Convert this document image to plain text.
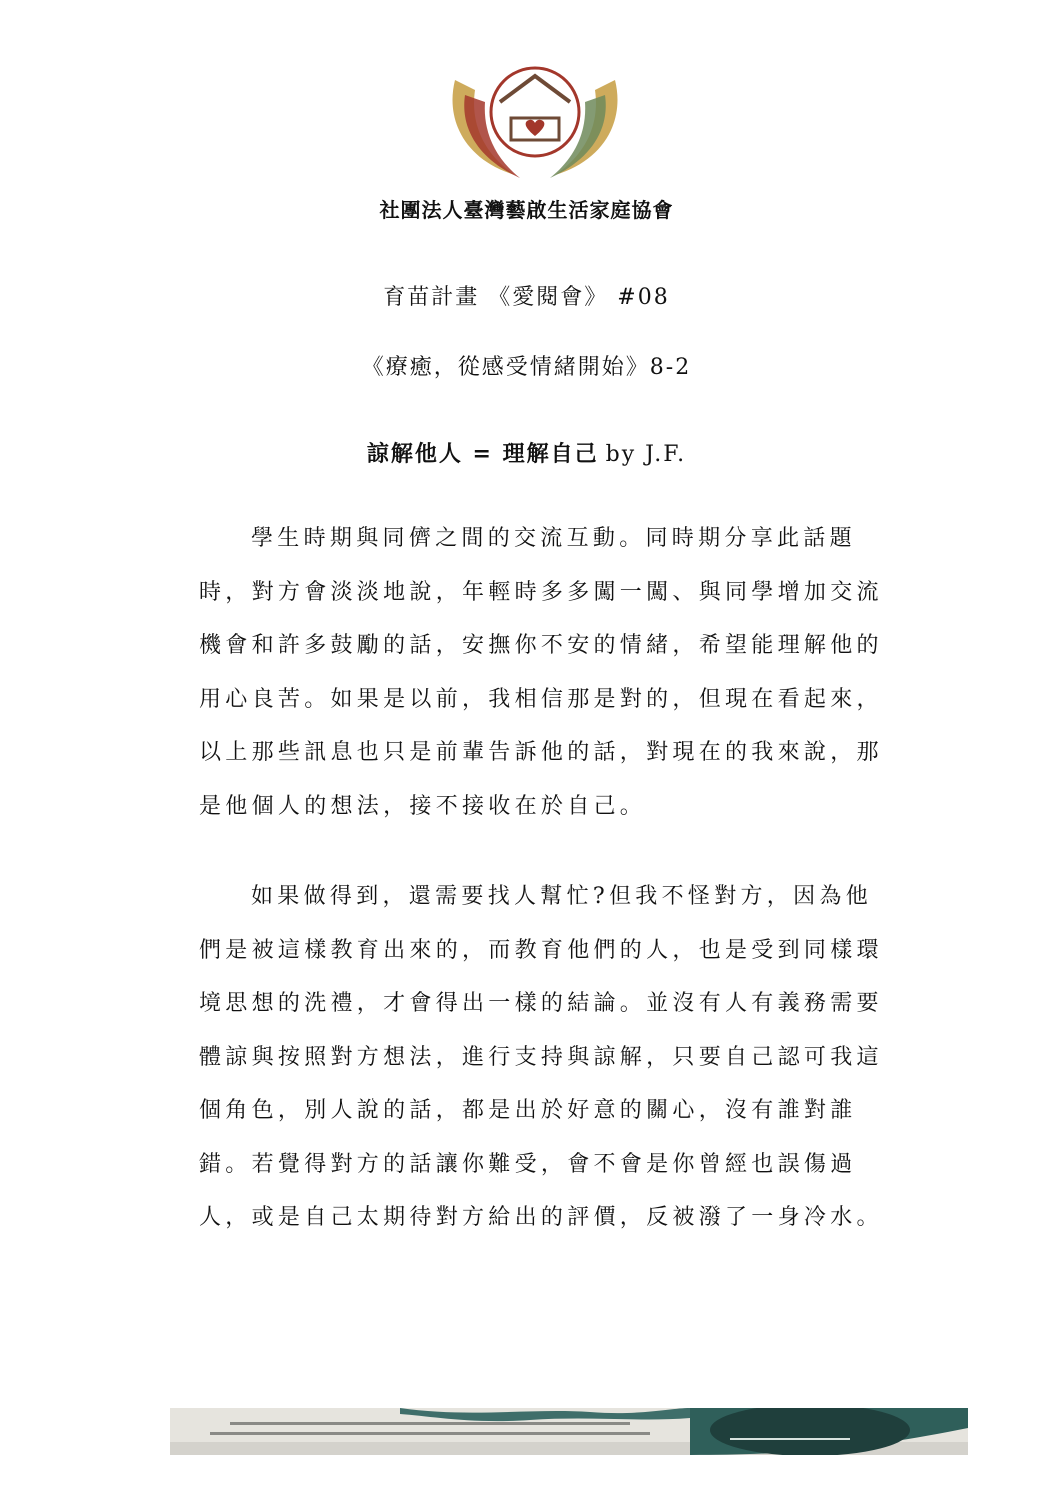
社團法人臺灣藝啟生活家庭協會
育苗計畫 《愛閱會》 #08
《療癒，從感受情緒開始》8-2
諒解他人 = 理解自己 by J.F.

學生時期與同儕之間的交流互動。同時期分享此話題時，對方會淡淡地說，年輕時多多闖一闖、與同學增加交流機會和許多鼓勵的話，安撫你不安的情緒，希望能理解他的用心良苦。如果是以前，我相信那是對的，但現在看起來，以上那些訊息也只是前輩告訴他的話，對現在的我來說，那是他個人的想法，接不接收在於自己。

如果做得到，還需要找人幫忙?但我不怪對方，因為他們是被這樣教育出來的，而教育他們的人，也是受到同樣環境思想的洗禮，才會得出一樣的結論。並沒有人有義務需要體諒與按照對方想法，進行支持與諒解，只要自己認可我這個角色，別人說的話，都是出於好意的關心，沒有誰對誰錯。若覺得對方的話讓你難受，會不會是你曾經也誤傷過人，或是自己太期待對方給出的評價，反被潑了一身冷水。
